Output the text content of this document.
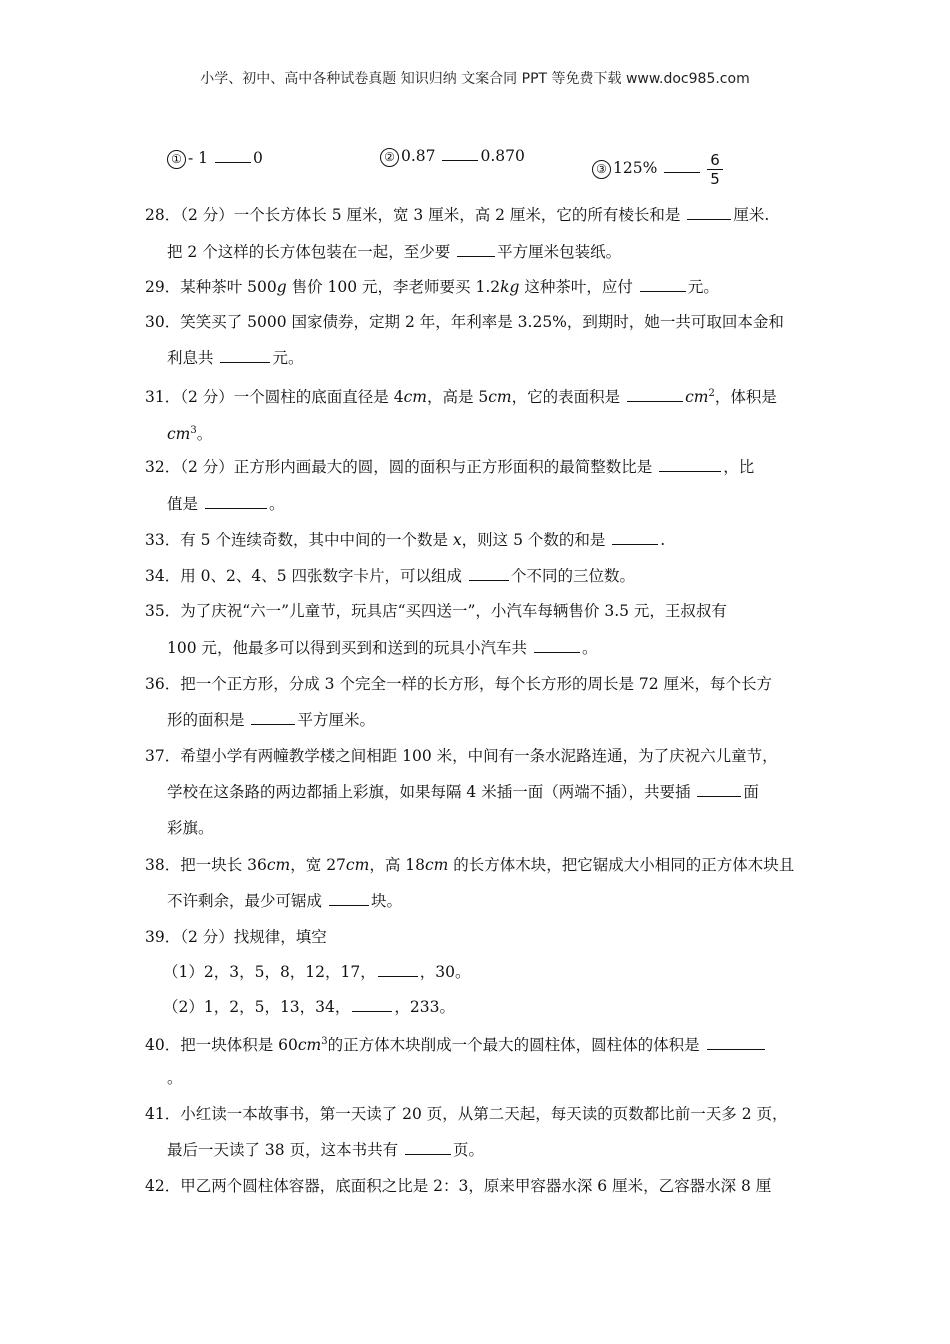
小学、初中、高中各种试卷真题 知识归纳 文案合同 PPT 等免费下载 www.doc985.com
① - 1	0	② 0.87	0.870
③ 125%	$\frac{6}{5}$
28．（2 分）一个长方体长 5 厘米，宽 3 厘米，高 2 厘米，它的所有棱长和是	厘米.
把 2 个这样的长方体包装在一起，至少要	平方厘米包装纸。
29．某种茶叶 500g 售价 100 元，李老师要买 1.2kg 这种茶叶，应付	元。
30．笑笑买了 5000 国家债券，定期 2 年，年利率是 3.25%，到期时，她一共可取回本金和
利息共	元。
31．（2 分）一个圆柱的底面直径是 4cm，高是 5cm，它的表面积是	$cm^2$，体积是
$cm^3$。
32．（2 分）正方形内画最大的圆，圆的面积与正方形面积的最简整数比是	，比
值是	。
33．有 5 个连续奇数，其中中间的一个数是 x，则这 5 个数的和是	.
34．用 0、2、4、5 四张数字卡片，可以组成	个不同的三位数。
35．为了庆祝“六一”儿童节，玩具店“买四送一”，小汽车每辆售价 3.5 元，王叔叔有
100 元，他最多可以得到买到和送到的玩具小汽车共	。
36．把一个正方形，分成 3 个完全一样的长方形，每个长方形的周长是 72 厘米，每个长方
形的面积是	平方厘米。
37．希望小学有两幢教学楼之间相距 100 米，中间有一条水泥路连通，为了庆祝六儿童节，
学校在这条路的两边都插上彩旗，如果每隔 4 米插一面（两端不插），共要插	面
彩旗。
38．把一块长 36cm，宽 27cm，高 18cm 的长方体木块，把它锯成大小相同的正方体木块且
不许剩余，最少可锯成	块。
39．（2 分）找规律，填空
（1）2，3，5，8，12，17，	，30。
（2）1，2，5，13，34，	，233。
40．把一块体积是 $60cm^3$的正方体木块削成一个最大的圆柱体，圆柱体的体积是
。
41．小红读一本故事书，第一天读了 20 页，从第二天起，每天读的页数都比前一天多 2 页，
最后一天读了 38 页，这本书共有	页。
42．甲乙两个圆柱体容器，底面积之比是 2：3，原来甲容器水深 6 厘米，乙容器水深 8 厘
